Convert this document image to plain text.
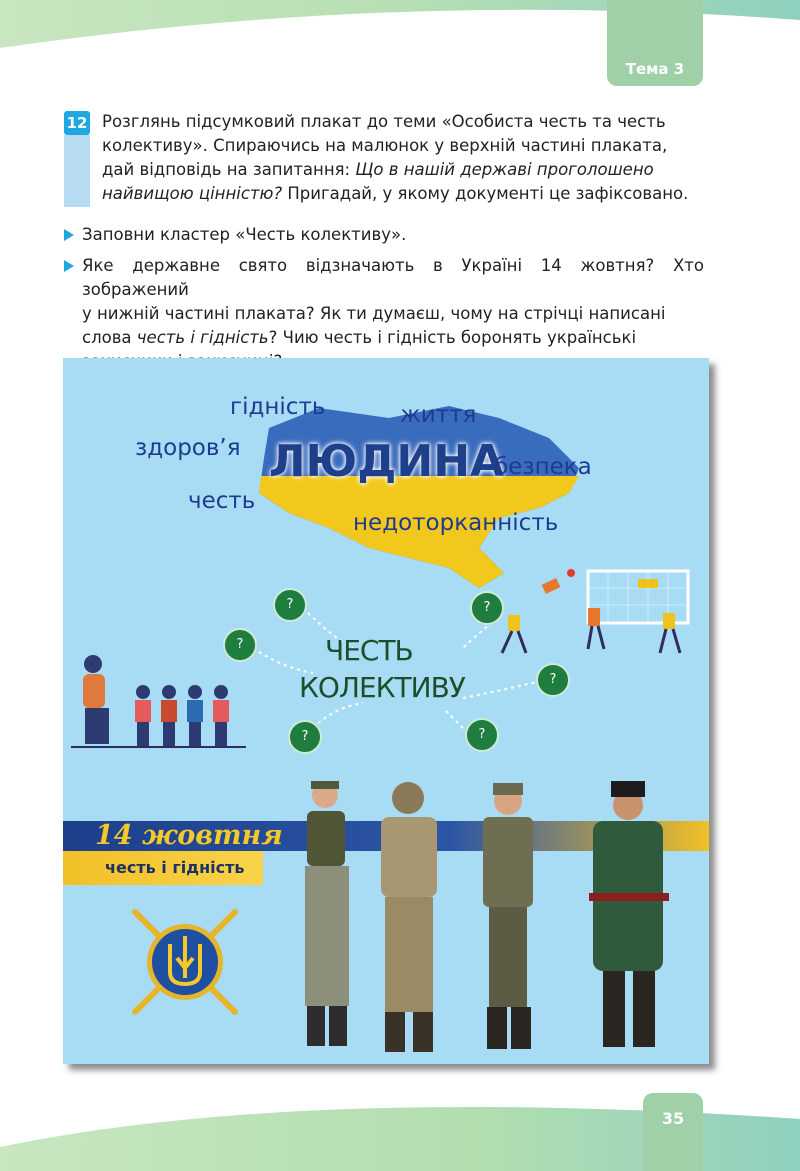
Тема 3
12 Розглянь підсумковий плакат до теми «Особиста честь та честь
колективу». Спираючись на малюнок у верхній частині плаката,
дай відповідь на запитання: Що в нашій державі проголошено
найвищою цінністю? Пригадай, у якому документі це зафіксовано.
Заповни кластер «Честь колективу».
Яке державне свято відзначають в Україні 14 жовтня? Хто зображений
у нижній частині плаката? Як ти думаєш, чому на стрічці написані
слова честь і гідність? Чию честь і гідність боронять українські
гідність	життя
здоров’я ЛЮДИНА
безпека
честь
недоторканність
?	?
?
?
?	?
ЧЕСТЬ
КОЛЕКТИВУ
14 жовтня
честь і гідність
35
